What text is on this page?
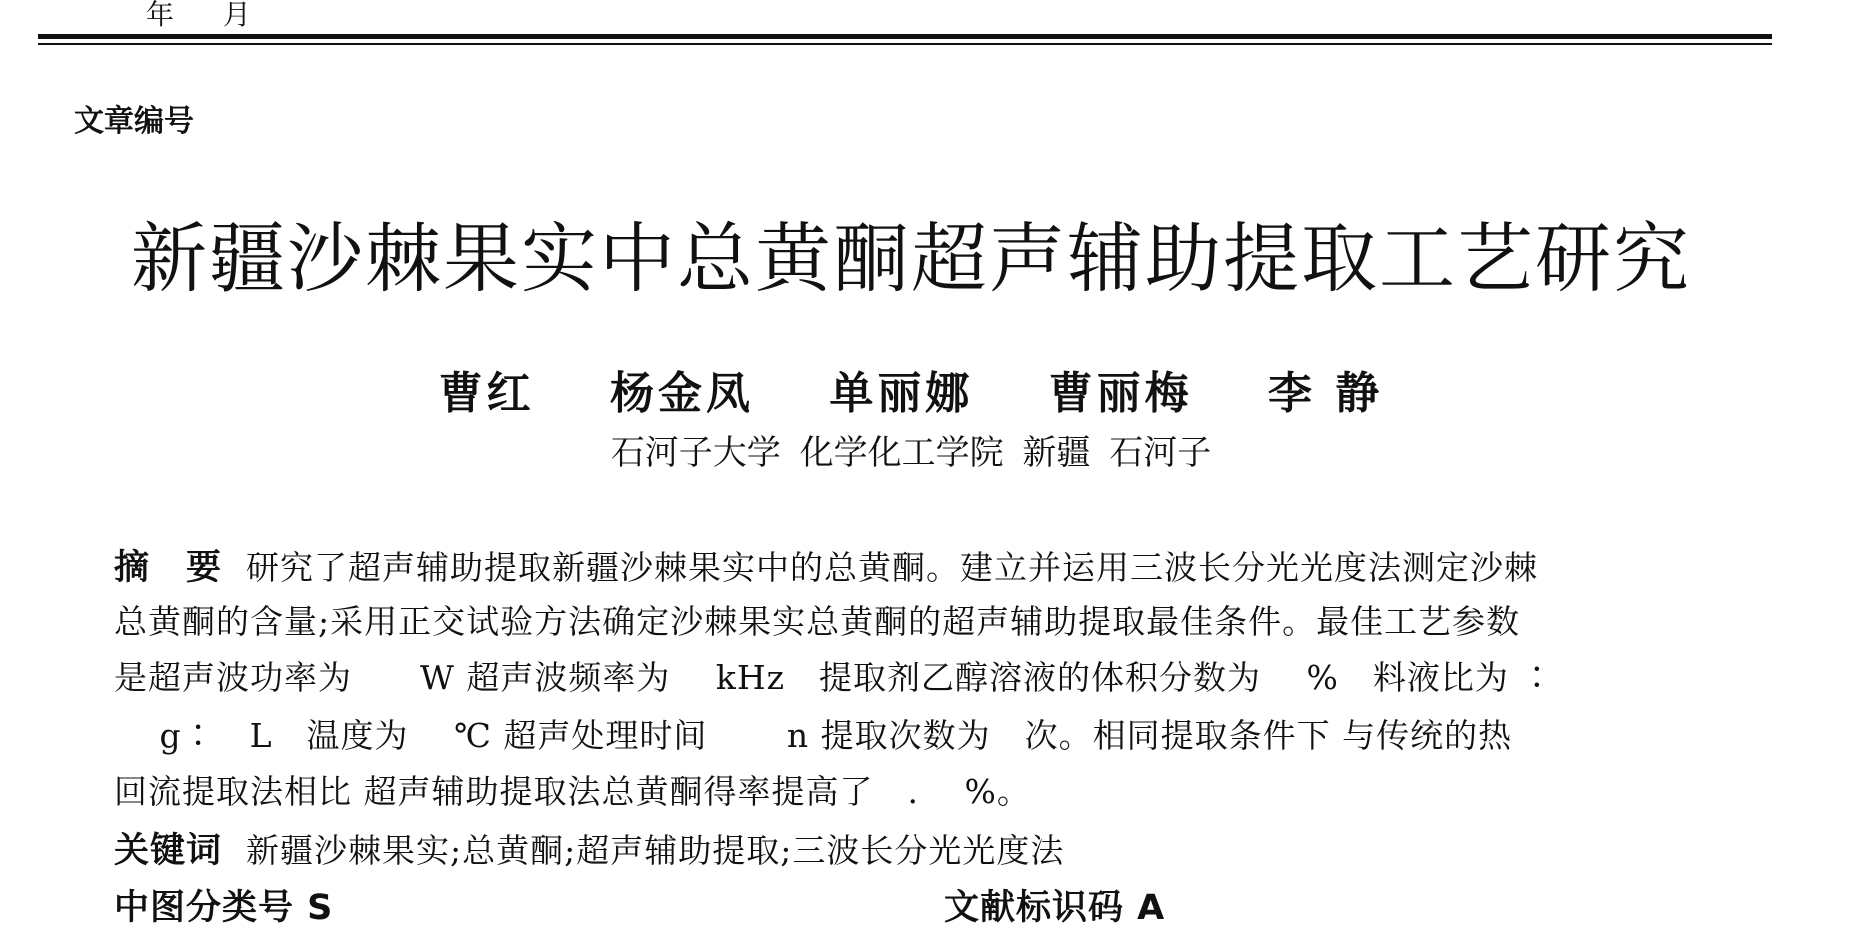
年 月
文章编号
新疆沙棘果实中总黄酮超声辅助提取工艺研究
曹红 杨金凤 单丽娜 曹丽梅 李 静
石河子大学 化学化工学院 新疆 石河子
摘　要 研究了超声辅助提取新疆沙棘果实中的总黄酮。建立并运用三波长分光光度法测定沙棘
总黄酮的含量;采用正交试验方法确定沙棘果实总黄酮的超声辅助提取最佳条件。最佳工艺参数
是超声波功率为　　W 超声波频率为　 kHz　提取剂乙醇溶液的体积分数为　 %　料液比为 ∶
　 g∶　L　温度为　 ℃ 超声处理时间　　 n 提取次数为　次。相同提取条件下 与传统的热
回流提取法相比 超声辅助提取法总黄酮得率提高了　.　 %。
关键词 新疆沙棘果实;总黄酮;超声辅助提取;三波长分光光度法
中图分类号 S	文献标识码 A
